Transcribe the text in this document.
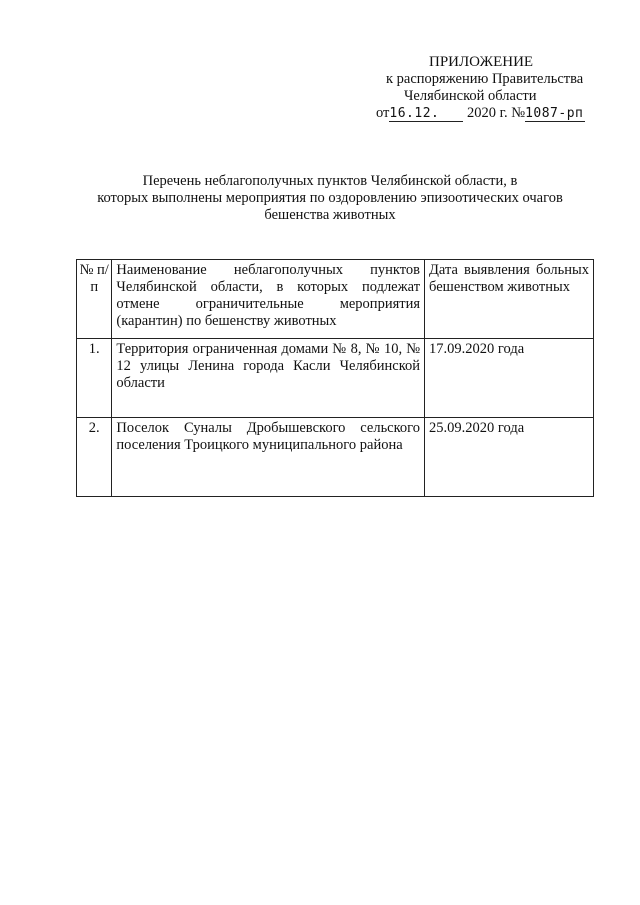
ПРИЛОЖЕНИЕ
к распоряжению Правительства
Челябинской области
от16.12. 2020 г. №1087-рп
Перечень неблагополучных пунктов Челябинской области, в
которых выполнены мероприятия по оздоровлению эпизоотических очагов
бешенства животных
№ п/п	Наименование неблагополучных пунктов Челябинской области, в которых подлежат отмене ограничительные мероприятия (карантин) по бешенству животных	Дата выявления больных бешенством животных
1.	Территория ограниченная домами № 8, № 10, № 12 улицы Ленина города Касли Челябинской области	17.09.2020 года
2.	Поселок Суналы Дробышевского сельского поселения Троицкого муниципального района	25.09.2020 года
